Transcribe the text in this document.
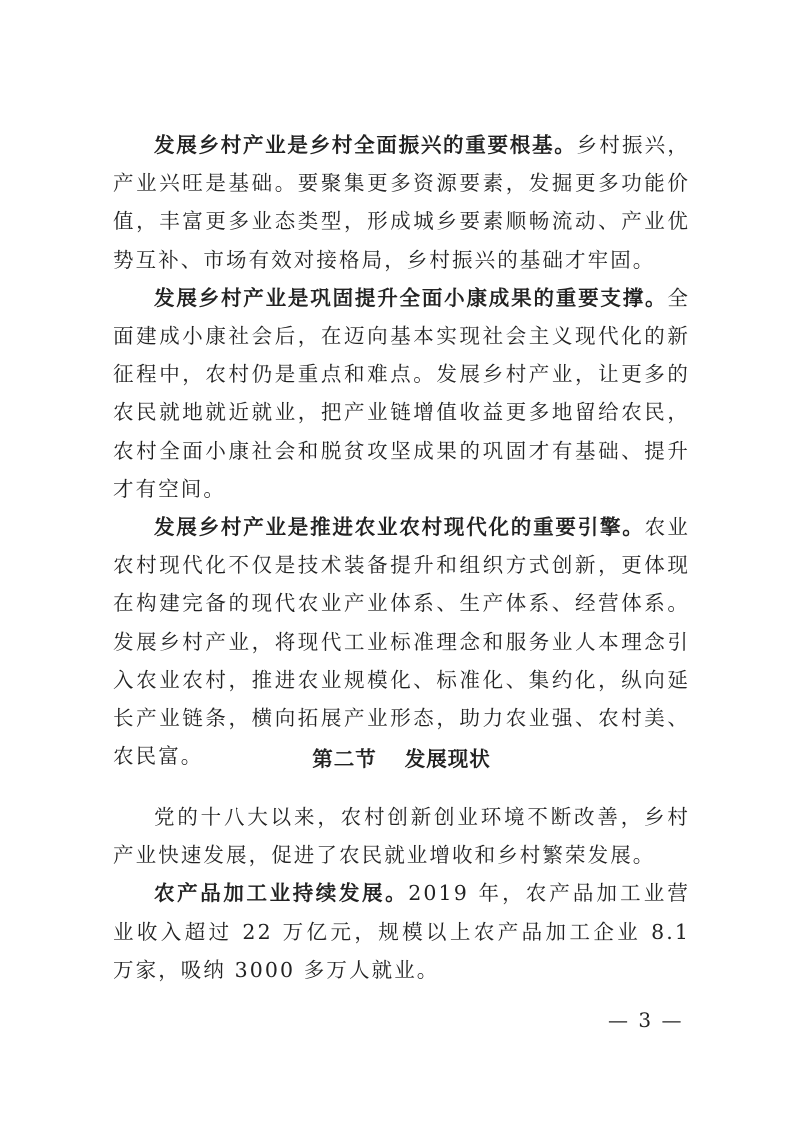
发展乡村产业是乡村全面振兴的重要根基。乡村振兴，产业兴旺是基础。要聚集更多资源要素，发掘更多功能价值，丰富更多业态类型，形成城乡要素顺畅流动、产业优势互补、市场有效对接格局，乡村振兴的基础才牢固。

发展乡村产业是巩固提升全面小康成果的重要支撑。全面建成小康社会后，在迈向基本实现社会主义现代化的新征程中，农村仍是重点和难点。发展乡村产业，让更多的农民就地就近就业，把产业链增值收益更多地留给农民，农村全面小康社会和脱贫攻坚成果的巩固才有基础、提升才有空间。

发展乡村产业是推进农业农村现代化的重要引擎。农业农村现代化不仅是技术装备提升和组织方式创新，更体现在构建完备的现代农业产业体系、生产体系、经营体系。发展乡村产业，将现代工业标准理念和服务业人本理念引入农业农村，推进农业规模化、标准化、集约化，纵向延长产业链条，横向拓展产业形态，助力农业强、农村美、农民富。	第二节 发展现状

党的十八大以来，农村创新创业环境不断改善，乡村产业快速发展，促进了农民就业增收和乡村繁荣发展。

农产品加工业持续发展。2019 年，农产品加工业营业收入超过 22 万亿元，规模以上农产品加工企业 8.1 万家，吸纳 3000 多万人就业。

— 3 —
